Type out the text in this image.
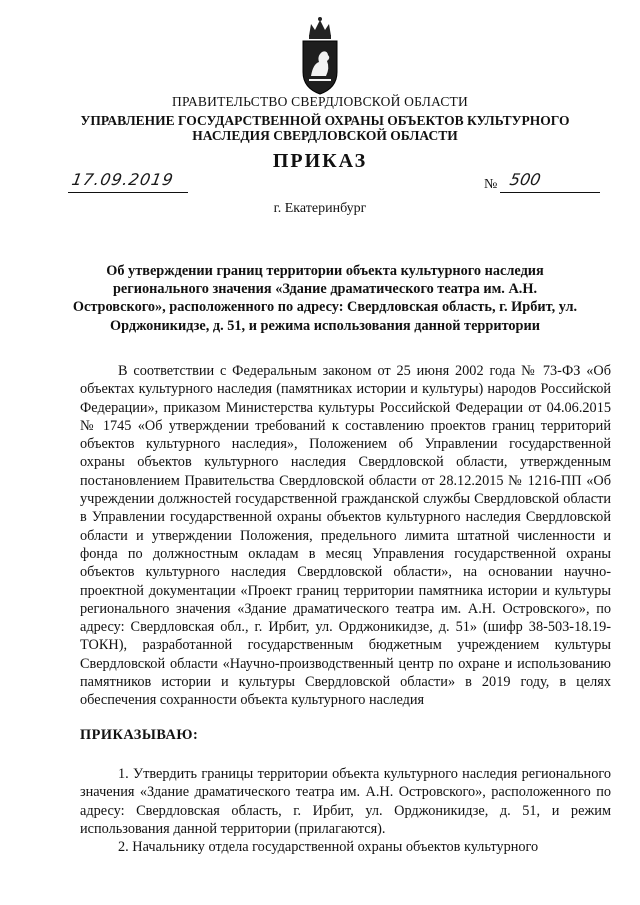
ПРАВИТЕЛЬСТВО СВЕРДЛОВСКОЙ ОБЛАСТИ
УПРАВЛЕНИЕ ГОСУДАРСТВЕННОЙ ОХРАНЫ ОБЪЕКТОВ КУЛЬТУРНОГО НАСЛЕДИЯ СВЕРДЛОВСКОЙ ОБЛАСТИ
ПРИКАЗ
17.09.2019	№ 500
г. Екатеринбург
Об утверждении границ территории объекта культурного наследия регионального значения «Здание драматического театра им. А.Н. Островского», расположенного по адресу: Свердловская область, г. Ирбит, ул. Орджоникидзе, д. 51, и режима использования данной территории

В соответствии с Федеральным законом от 25 июня 2002 года № 73-ФЗ «Об объектах культурного наследия (памятниках истории и культуры) народов Российской Федерации», приказом Министерства культуры Российской Федерации от 04.06.2015 № 1745 «Об утверждении требований к составлению проектов границ территорий объектов культурного наследия», Положением об Управлении государственной охраны объектов культурного наследия Свердловской области, утвержденным постановлением Правительства Свердловской области от 28.12.2015 № 1216-ПП «Об учреждении должностей государственной гражданской службы Свердловской области в Управлении государственной охраны объектов культурного наследия Свердловской области и утверждении Положения, предельного лимита штатной численности и фонда по должностным окладам в месяц Управления государственной охраны объектов культурного наследия Свердловской области», на основании научно-проектной документации «Проект границ территории памятника истории и культуры регионального значения «Здание драматического театра им. А.Н. Островского», по адресу: Свердловская обл., г. Ирбит, ул. Орджоникидзе, д. 51» (шифр 38-503-18.19-ТОКН), разработанной государственным бюджетным учреждением культуры Свердловской области «Научно-производственный центр по охране и использованию памятников истории и культуры Свердловской области» в 2019 году, в целях обеспечения сохранности объекта культурного наследия

ПРИКАЗЫВАЮ:

1. Утвердить границы территории объекта культурного наследия регионального значения «Здание драматического театра им. А.Н. Островского», расположенного по адресу: Свердловская область, г. Ирбит, ул. Орджоникидзе, д. 51, и режим использования данной территории (прилагаются).

2. Начальнику отдела государственной охраны объектов культурного
